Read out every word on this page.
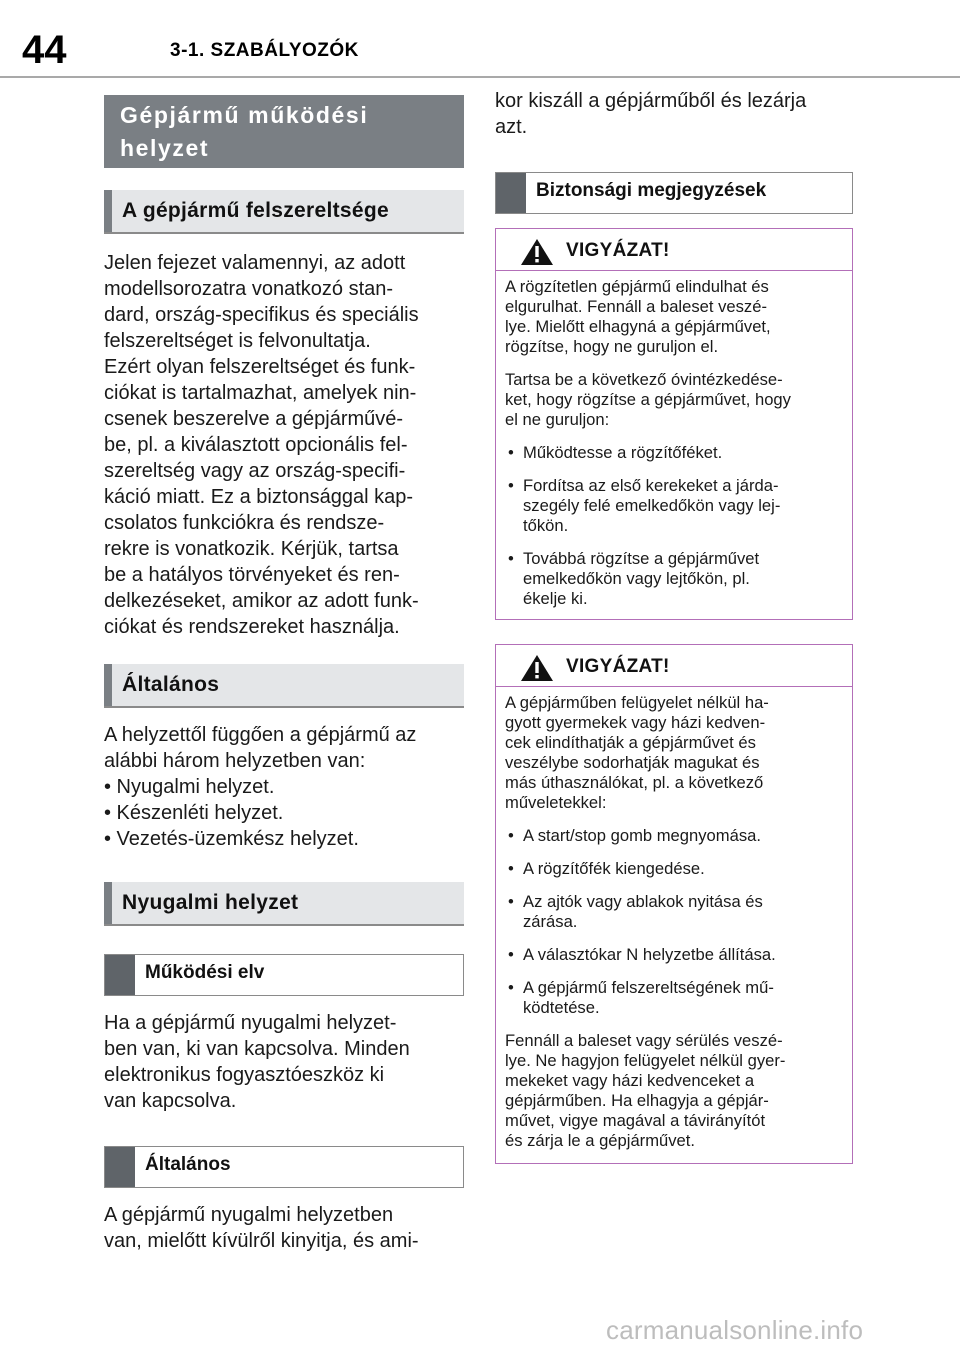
44	3-1. SZABÁLYOZÓK
Gépjármű működési
helyzet
A gépjármű felszereltsége
Jelen fejezet valamennyi, az adott
modellsorozatra vonatkozó stan-
dard, ország-specifikus és speciális
felszereltséget is felvonultatja.
Ezért olyan felszereltséget és funk-
ciókat is tartalmazhat, amelyek nin-
csenek beszerelve a gépjárművé-
be, pl. a kiválasztott opcionális fel-
szereltség vagy az ország-specifi-
káció miatt. Ez a biztonsággal kap-
csolatos funkciókra és rendsze-
rekre is vonatkozik. Kérjük, tartsa
be a hatályos törvényeket és ren-
delkezéseket, amikor az adott funk-
ciókat és rendszereket használja.
Általános
A helyzettől függően a gépjármű az
alábbi három helyzetben van:
• Nyugalmi helyzet.
• Készenléti helyzet.
• Vezetés-üzemkész helyzet.
Nyugalmi helyzet
Működési elv
Ha a gépjármű nyugalmi helyzet-
ben van, ki van kapcsolva. Minden
elektronikus fogyasztóeszköz ki
van kapcsolva.
Általános
A gépjármű nyugalmi helyzetben
van, mielőtt kívülről kinyitja, és ami-
kor kiszáll a gépjárműből és lezárja
azt.
Biztonsági megjegyzések
VIGYÁZAT!
A rögzítetlen gépjármű elindulhat és
elgurulhat. Fennáll a baleset veszé-
lye. Mielőtt elhagyná a gépjárművet,
rögzítse, hogy ne guruljon el.
Tartsa be a következő óvintézkedése-
ket, hogy rögzítse a gépjárművet, hogy
el ne guruljon:
• Működtesse a rögzítőféket.
• Fordítsa az első kerekeket a járda-
szegély felé emelkedőkön vagy lej-
tőkön.
• Továbbá rögzítse a gépjárművet
emelkedőkön vagy lejtőkön, pl.
ékelje ki.
VIGYÁZAT!
A gépjárműben felügyelet nélkül ha-
gyott gyermekek vagy házi kedven-
cek elindíthatják a gépjárművet és
veszélybe sodorhatják magukat és
más úthasználókat, pl. a következő
műveletekkel:
• A start/stop gomb megnyomása.
• A rögzítőfék kiengedése.
• Az ajtók vagy ablakok nyitása és
zárása.
• A választókar N helyzetbe állítása.
• A gépjármű felszereltségének mű-
ködtetése.
Fennáll a baleset vagy sérülés veszé-
lye. Ne hagyjon felügyelet nélkül gyer-
mekeket vagy házi kedvenceket a
gépjárműben. Ha elhagyja a gépjár-
művet, vigye magával a távirányítót
és zárja le a gépjárművet.
carmanualsonline.info
